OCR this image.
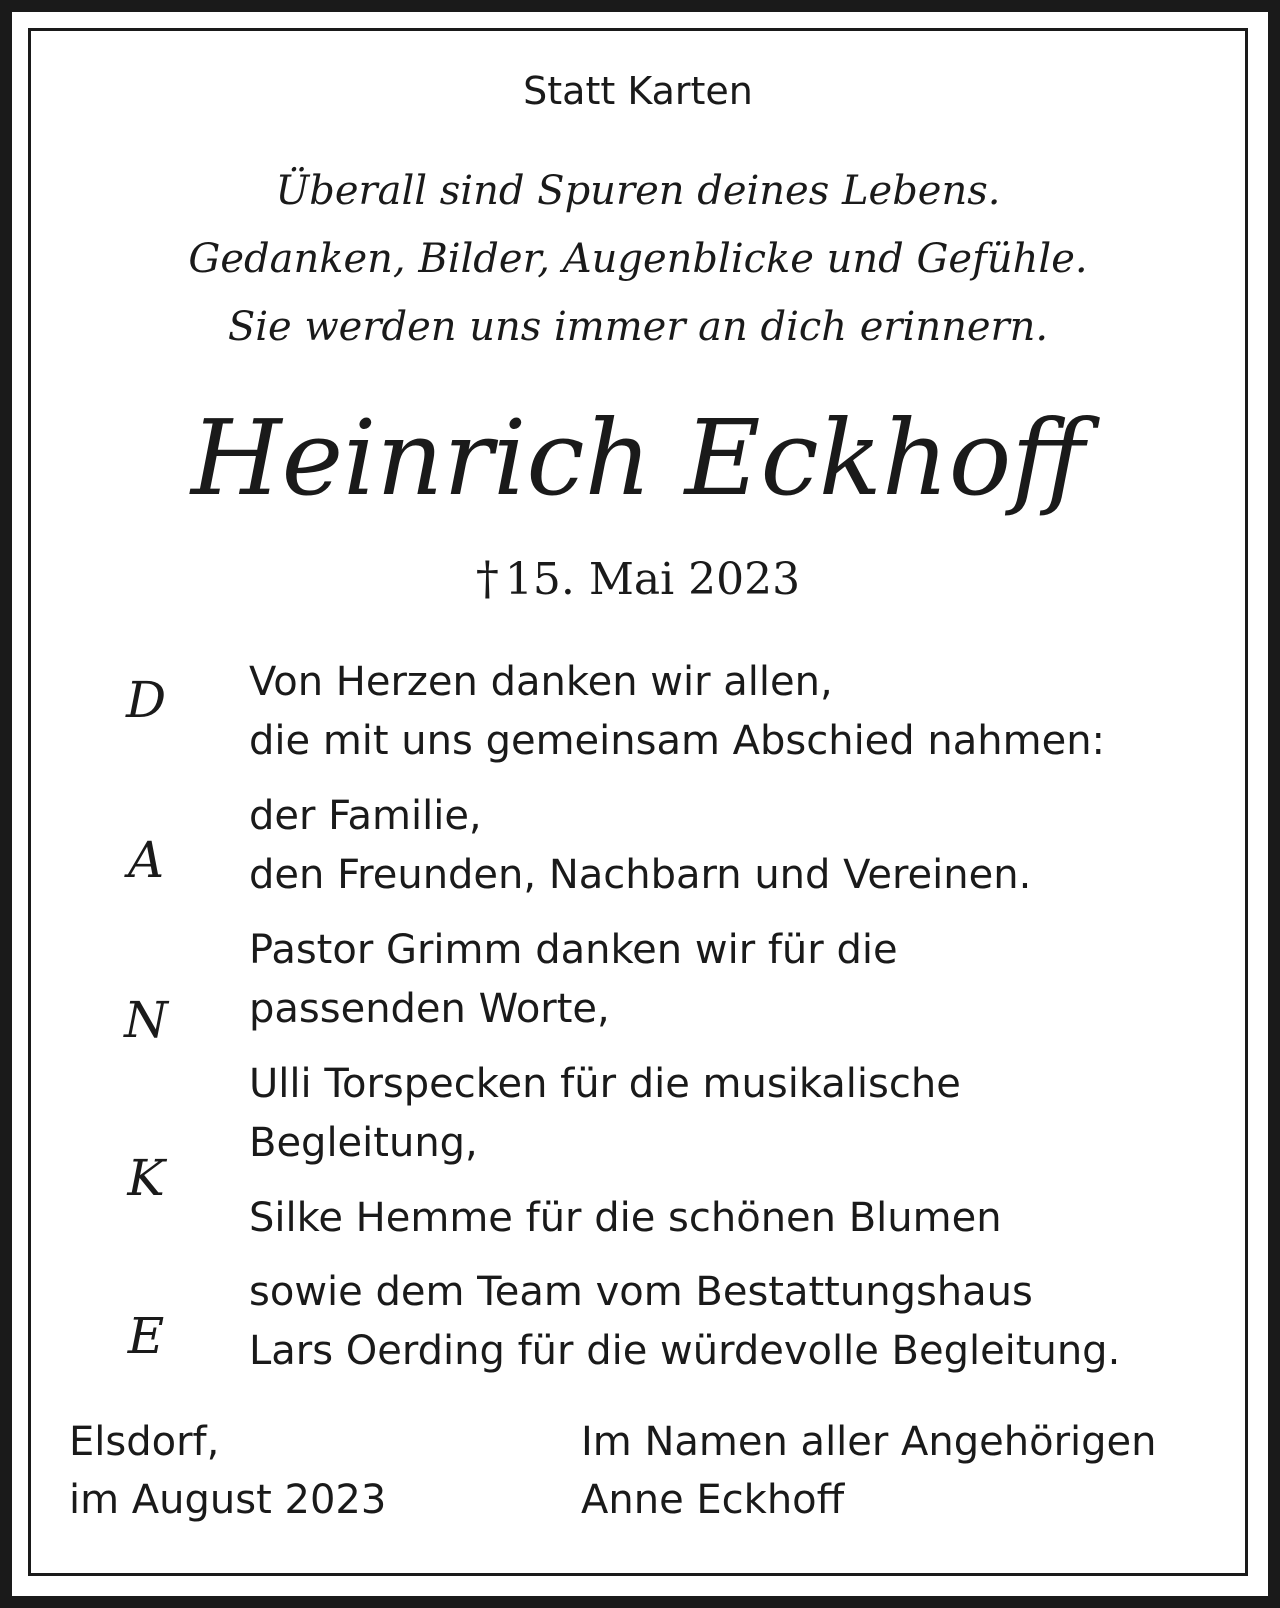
Statt Karten
Überall sind Spuren deines Lebens.
Gedanken, Bilder, Augenblicke und Gefühle.
Sie werden uns immer an dich erinnern.
Heinrich Eckhoff
† 15. Mai 2023
D
A
N
K
E
Von Herzen danken wir allen,
die mit uns gemeinsam Abschied nahmen:
der Familie,
den Freunden, Nachbarn und Vereinen.
Pastor Grimm danken wir für die
passenden Worte,
Ulli Torspecken für die musikalische
Begleitung,
Silke Hemme für die schönen Blumen
sowie dem Team vom Bestattungshaus
Lars Oerding für die würdevolle Begleitung.
Elsdorf,
im August 2023
Im Namen aller Angehörigen
Anne Eckhoff
